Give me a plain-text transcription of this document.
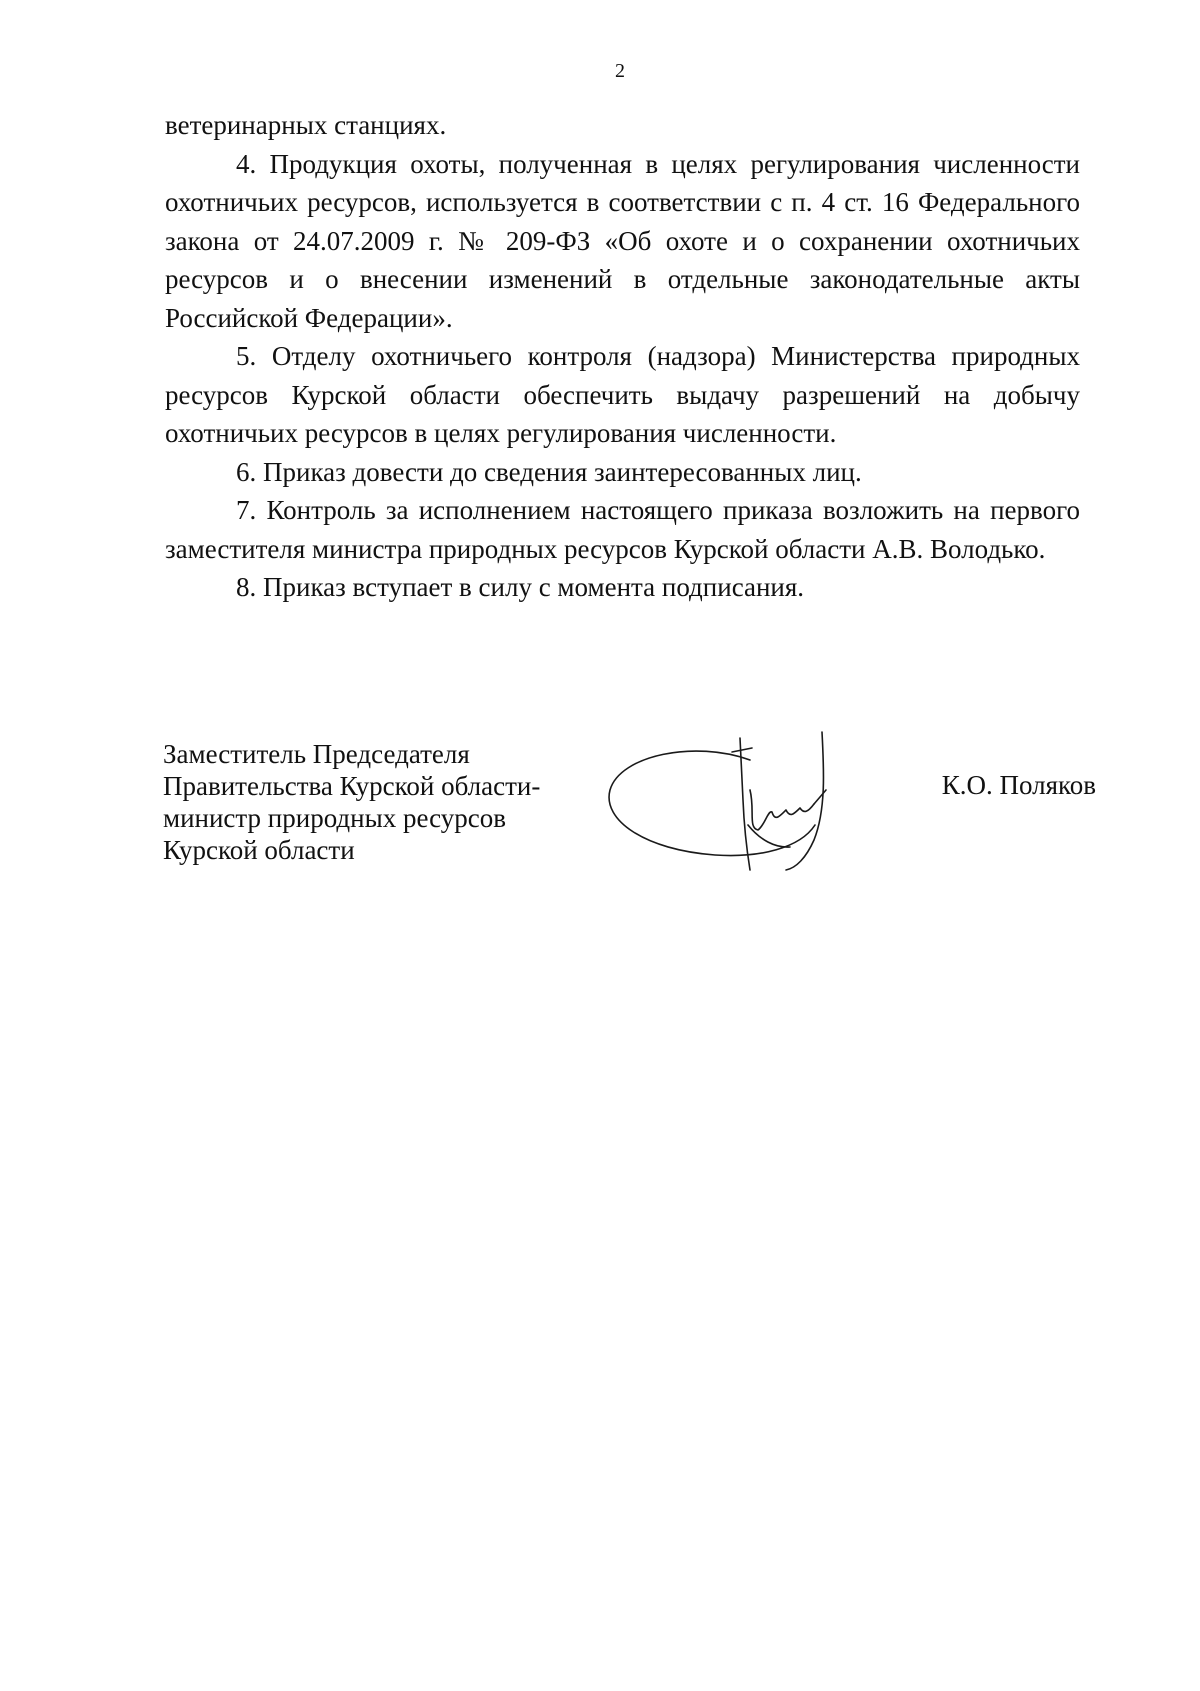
2

ветеринарных станциях.

4. Продукция охоты, полученная в целях регулирования численности охотничьих ресурсов, используется в соответствии с п. 4 ст. 16 Федерального закона от 24.07.2009 г. № 209-ФЗ «Об охоте и о сохранении охотничьих ресурсов и о внесении изменений в отдельные законодательные акты Российской Федерации».

5. Отделу охотничьего контроля (надзора) Министерства природных ресурсов Курской области обеспечить выдачу разрешений на добычу охотничьих ресурсов в целях регулирования численности.

6. Приказ довести до сведения заинтересованных лиц.

7. Контроль за исполнением настоящего приказа возложить на первого заместителя министра природных ресурсов Курской области А.В. Володько.

8. Приказ вступает в силу с момента подписания.

Заместитель Председателя
Правительства Курской области-
министр природных ресурсов
Курской области
К.О. Поляков
